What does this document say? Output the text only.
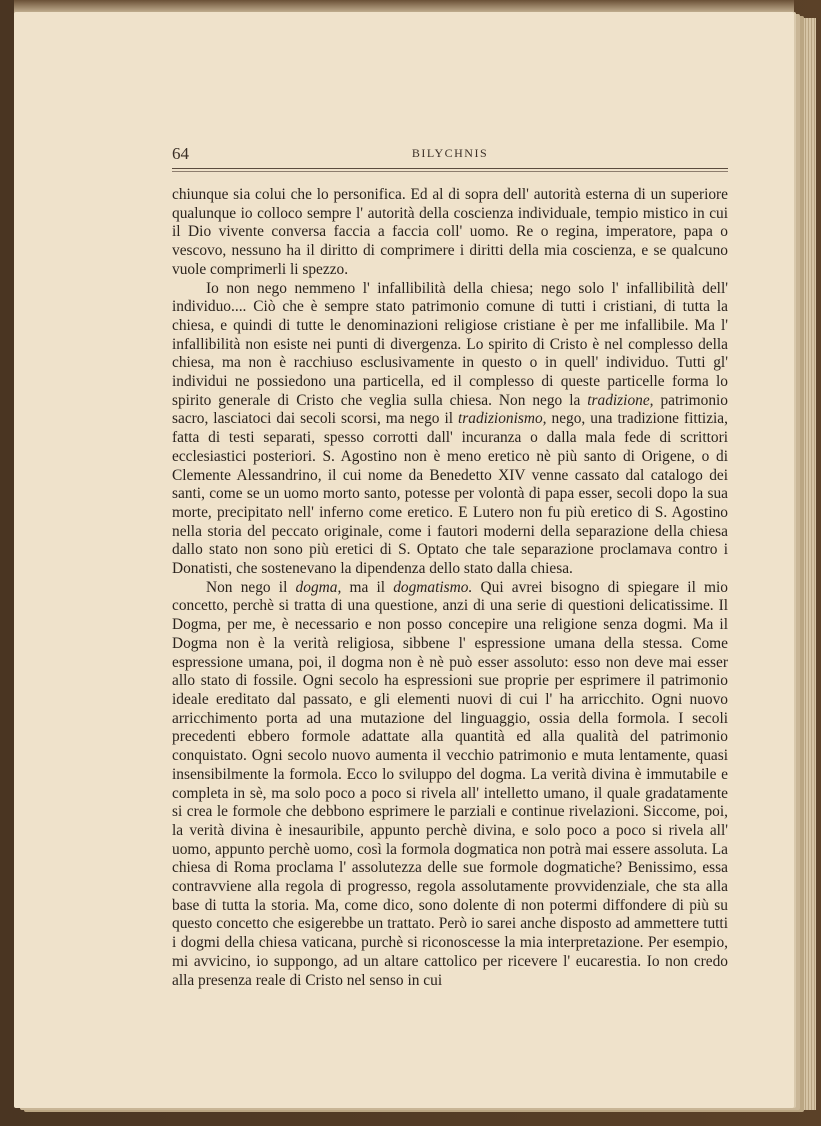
64	BILYCHNIS

chiunque sia colui che lo personifica. Ed al di sopra dell' autorità esterna di un superiore qualunque io colloco sempre l' autorità della coscienza individuale, tempio mistico in cui il Dio vivente conversa faccia a faccia coll' uomo. Re o regina, imperatore, papa o vescovo, nessuno ha il diritto di comprimere i diritti della mia coscienza, e se qualcuno vuole comprimerli li spezzo.

Io non nego nemmeno l' infallibilità della chiesa; nego solo l' infallibilità dell' individuo.... Ciò che è sempre stato patrimonio comune di tutti i cristiani, di tutta la chiesa, e quindi di tutte le denominazioni religiose cristiane è per me infallibile. Ma l' infallibilità non esiste nei punti di divergenza. Lo spirito di Cristo è nel complesso della chiesa, ma non è racchiuso esclusivamente in questo o in quell' individuo. Tutti gl' individui ne possiedono una particella, ed il complesso di queste particelle forma lo spirito generale di Cristo che veglia sulla chiesa. Non nego la tradizione, patrimonio sacro, lasciatoci dai secoli scorsi, ma nego il tradizionismo, nego, una tradizione fittizia, fatta di testi separati, spesso corrotti dall' incuranza o dalla mala fede di scrittori ecclesiastici posteriori. S. Agostino non è meno eretico nè più santo di Origene, o di Clemente Alessandrino, il cui nome da Benedetto XIV venne cassato dal catalogo dei santi, come se un uomo morto santo, potesse per volontà di papa esser, secoli dopo la sua morte, precipitato nell' inferno come eretico. E Lutero non fu più eretico di S. Agostino nella storia del peccato originale, come i fautori moderni della separazione della chiesa dallo stato non sono più eretici di S. Optato che tale separazione proclamava contro i Donatisti, che sostenevano la dipendenza dello stato dalla chiesa.

Non nego il dogma, ma il dogmatismo. Qui avrei bisogno di spiegare il mio concetto, perchè si tratta di una questione, anzi di una serie di questioni delicatissime. Il Dogma, per me, è necessario e non posso concepire una religione senza dogmi. Ma il Dogma non è la verità religiosa, sibbene l' espressione umana della stessa. Come espressione umana, poi, il dogma non è nè può esser assoluto: esso non deve mai esser allo stato di fossile. Ogni secolo ha espressioni sue proprie per esprimere il patrimonio ideale ereditato dal passato, e gli elementi nuovi di cui l' ha arricchito. Ogni nuovo arricchimento porta ad una mutazione del linguaggio, ossia della formola. I secoli precedenti ebbero formole adattate alla quantità ed alla qualità del patrimonio conquistato. Ogni secolo nuovo aumenta il vecchio patrimonio e muta lentamente, quasi insensibilmente la formola. Ecco lo sviluppo del dogma. La verità divina è immutabile e completa in sè, ma solo poco a poco si rivela all' intelletto umano, il quale gradatamente si crea le formole che debbono esprimere le parziali e continue rivelazioni. Siccome, poi, la verità divina è inesauribile, appunto perchè divina, e solo poco a poco si rivela all' uomo, appunto perchè uomo, così la formola dogmatica non potrà mai essere assoluta. La chiesa di Roma proclama l' assolutezza delle sue formole dogmatiche? Benissimo, essa contravviene alla regola di progresso, regola assolutamente provvidenziale, che sta alla base di tutta la storia. Ma, come dico, sono dolente di non potermi diffondere di più su questo concetto che esigerebbe un trattato. Però io sarei anche disposto ad ammettere tutti i dogmi della chiesa vaticana, purchè si riconoscesse la mia interpretazione. Per esempio, mi avvicino, io suppongo, ad un altare cattolico per ricevere l' eucarestia. Io non credo alla presenza reale di Cristo nel senso in cui
